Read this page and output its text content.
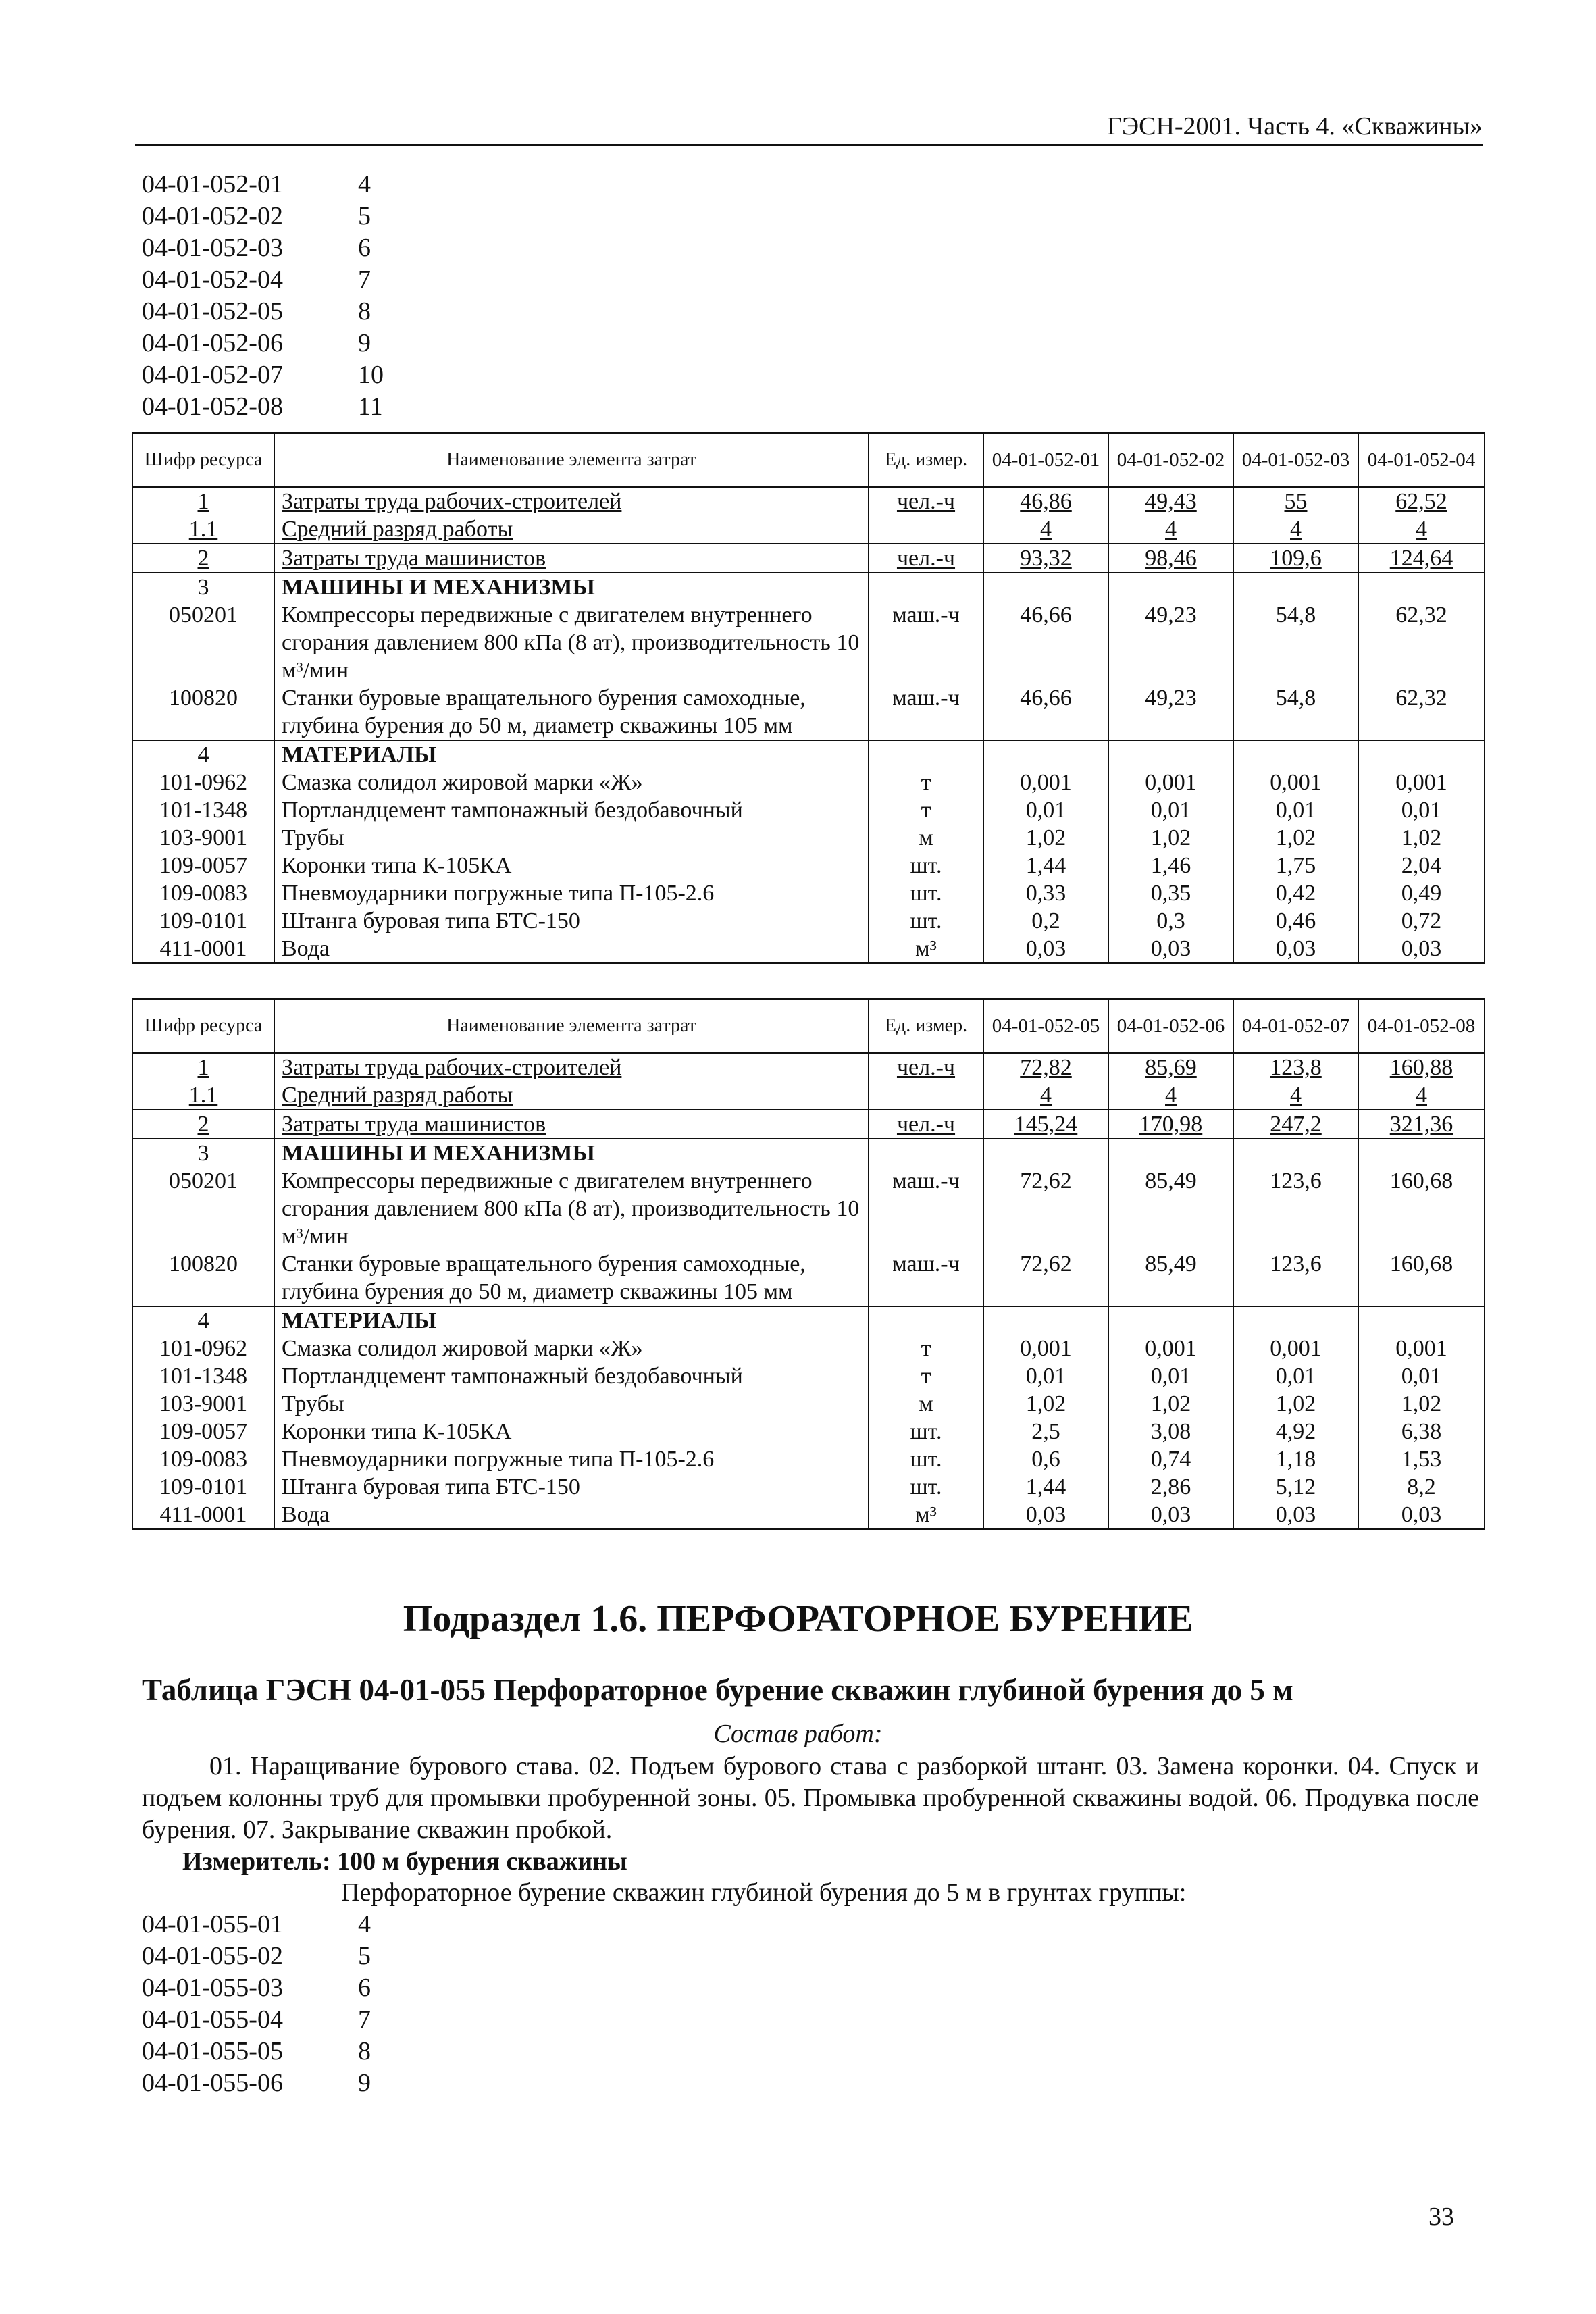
ГЭСН-2001. Часть 4. «Скважины»
04-01-052-01	4
04-01-052-02	5
04-01-052-03	6
04-01-052-04	7
04-01-052-05	8
04-01-052-06	9
04-01-052-07	10
04-01-052-08	11
Шифр ресурса	Наименование элемента затрат	Ед. измер.	04-01-052-01	04-01-052-02	04-01-052-03	04-01-052-04
1	Затраты труда рабочих-строителей	чел.-ч	46,86	49,43	55	62,52
1.1	Средний разряд работы		4	4	4	4
2	Затраты труда машинистов	чел.-ч	93,32	98,46	109,6	124,64
3	МАШИНЫ И МЕХАНИЗМЫ					
050201	Компрессоры передвижные с двигателем внутреннего сгорания давлением 800 кПа (8 ат), производительность 10 м³/мин	маш.-ч	46,66	49,23	54,8	62,32
100820	Станки буровые вращательного бурения самоходные, глубина бурения до 50 м, диаметр скважины 105 мм	маш.-ч	46,66	49,23	54,8	62,32
4	МАТЕРИАЛЫ					
101-0962	Смазка солидол жировой марки «Ж»	т	0,001	0,001	0,001	0,001
101-1348	Портландцемент тампонажный бездобавочный	т	0,01	0,01	0,01	0,01
103-9001	Трубы	м	1,02	1,02	1,02	1,02
109-0057	Коронки типа К-105КА	шт.	1,44	1,46	1,75	2,04
109-0083	Пневмоударники погружные типа П-105-2.6	шт.	0,33	0,35	0,42	0,49
109-0101	Штанга буровая типа БТС-150	шт.	0,2	0,3	0,46	0,72
411-0001	Вода	м³	0,03	0,03	0,03	0,03
Шифр ресурса	Наименование элемента затрат	Ед. измер.	04-01-052-05	04-01-052-06	04-01-052-07	04-01-052-08
1	Затраты труда рабочих-строителей	чел.-ч	72,82	85,69	123,8	160,88
1.1	Средний разряд работы		4	4	4	4
2	Затраты труда машинистов	чел.-ч	145,24	170,98	247,2	321,36
3	МАШИНЫ И МЕХАНИЗМЫ					
050201	Компрессоры передвижные с двигателем внутреннего сгорания давлением 800 кПа (8 ат), производительность 10 м³/мин	маш.-ч	72,62	85,49	123,6	160,68
100820	Станки буровые вращательного бурения самоходные, глубина бурения до 50 м, диаметр скважины 105 мм	маш.-ч	72,62	85,49	123,6	160,68
4	МАТЕРИАЛЫ					
101-0962	Смазка солидол жировой марки «Ж»	т	0,001	0,001	0,001	0,001
101-1348	Портландцемент тампонажный бездобавочный	т	0,01	0,01	0,01	0,01
103-9001	Трубы	м	1,02	1,02	1,02	1,02
109-0057	Коронки типа К-105КА	шт.	2,5	3,08	4,92	6,38
109-0083	Пневмоударники погружные типа П-105-2.6	шт.	0,6	0,74	1,18	1,53
109-0101	Штанга буровая типа БТС-150	шт.	1,44	2,86	5,12	8,2
411-0001	Вода	м³	0,03	0,03	0,03	0,03
Подраздел 1.6. ПЕРФОРАТОРНОЕ БУРЕНИЕ
Таблица ГЭСН 04-01-055 Перфораторное бурение скважин глубиной бурения до 5 м
Состав работ:
01. Наращивание бурового става. 02. Подъем бурового става с разборкой штанг. 03. Замена коронки. 04. Спуск и подъем колонны труб для промывки пробуренной зоны. 05. Промывка пробуренной скважины водой. 06. Продувка после бурения. 07. Закрывание скважин пробкой.
Измеритель: 100 м бурения скважины
Перфораторное бурение скважин глубиной бурения до 5 м в грунтах группы:
04-01-055-01	4
04-01-055-02	5
04-01-055-03	6
04-01-055-04	7
04-01-055-05	8
04-01-055-06	9
33
